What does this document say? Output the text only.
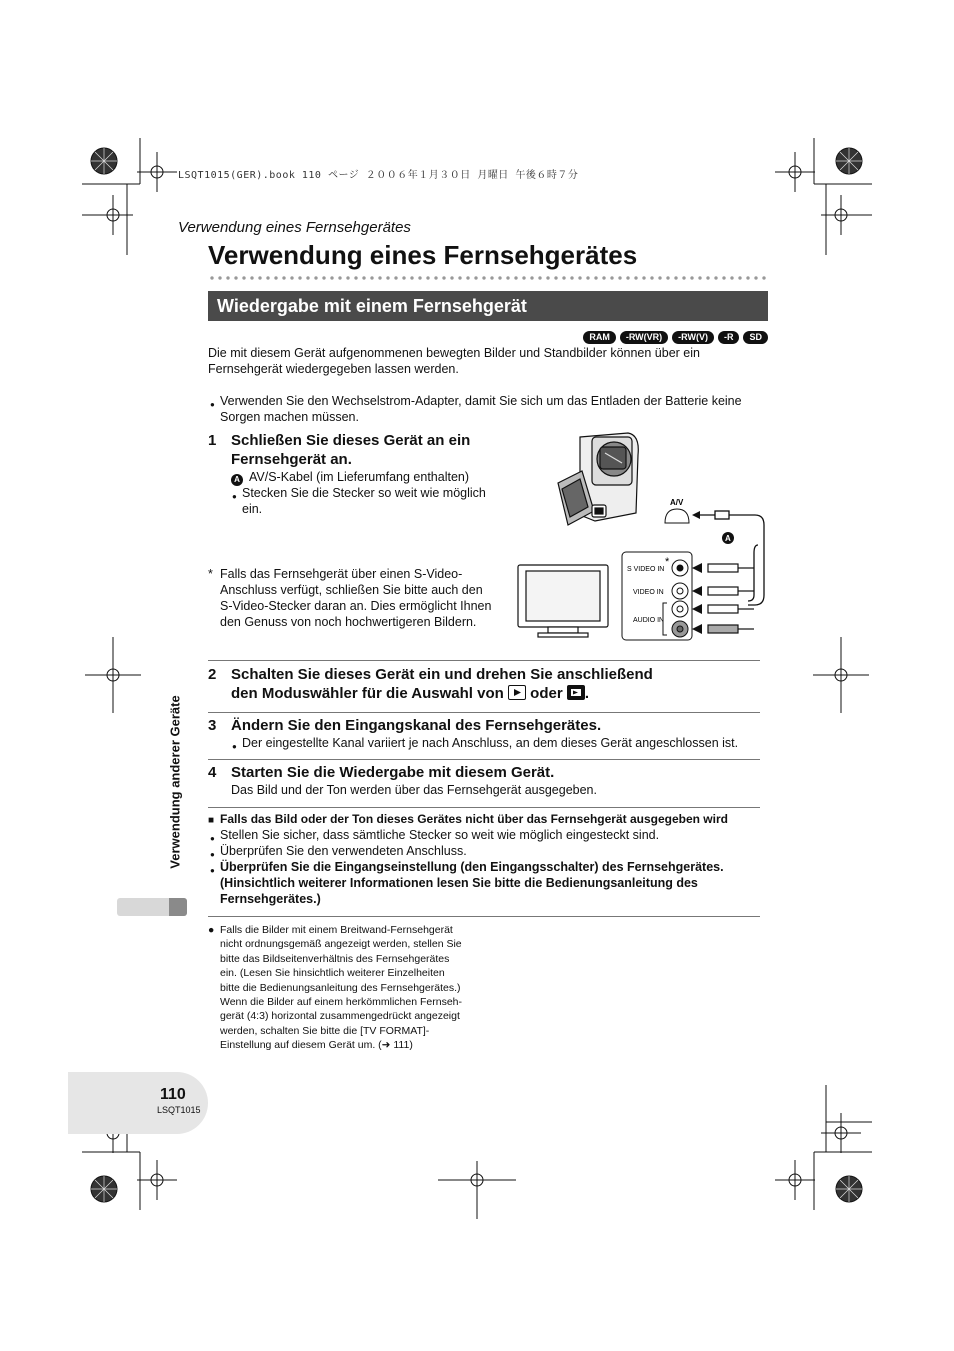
LSQT1015(GER).book 110 ページ ２００６年１月３０日 月曜日 午後６時７分
Verwendung eines Fernsehgerätes
Verwendung eines Fernsehgerätes
Wiedergabe mit einem Fernsehgerät
RAM	-RW(VR)	-RW(V)	-R	SD
Die mit diesem Gerät aufgenommenen bewegten Bilder und Standbilder können über ein Fernsehgerät wiedergegeben lassen werden.
● Verwenden Sie den Wechselstrom-Adapter, damit Sie sich um das Entladen der Batterie keine Sorgen machen müssen.
1 Schließen Sie dieses Gerät an ein Fernsehgerät an.
A AV/S-Kabel (im Lieferumfang enthalten)
● Stecken Sie die Stecker so weit wie möglich ein.	A/V
A
S VIDEO IN
*
VIDEO IN
AUDIO IN
* Falls das Fernsehgerät über einen S-Video-Anschluss verfügt, schließen Sie bitte auch den S-Video-Stecker daran an. Dies ermöglicht Ihnen den Genuss von noch hochwertigeren Bildern.
2 Schalten Sie dieses Gerät ein und drehen Sie anschließend
den Moduswähler für die Auswahl von oder .
3 Ändern Sie den Eingangskanal des Fernsehgerätes.
● Der eingestellte Kanal variiert je nach Anschluss, an dem dieses Gerät angeschlossen ist.
4 Starten Sie die Wiedergabe mit diesem Gerät.
Das Bild und der Ton werden über das Fernsehgerät ausgegeben.
■ Falls das Bild oder der Ton dieses Gerätes nicht über das Fernsehgerät ausgegeben wird
● Stellen Sie sicher, dass sämtliche Stecker so weit wie möglich eingesteckt sind.
● Überprüfen Sie den verwendeten Anschluss.
● Überprüfen Sie die Eingangseinstellung (den Eingangsschalter) des Fernsehgerätes. (Hinsichtlich weiterer Informationen lesen Sie bitte die Bedienungsanleitung des Fernsehgerätes.)
● Falls die Bilder mit einem Breitwand-Fernsehgerät
nicht ordnungsgemäß angezeigt werden, stellen Sie
bitte das Bildseitenverhältnis des Fernsehgerätes
ein. (Lesen Sie hinsichtlich weiterer Einzelheiten
bitte die Bedienungsanleitung des Fernsehgerätes.)
Wenn die Bilder auf einem herkömmlichen Fernseh-
gerät (4:3) horizontal zusammengedrückt angezeigt
werden, schalten Sie bitte die [TV FORMAT]-
Einstellung auf diesem Gerät um. (➜ 111)
Verwendung anderer Geräte
110
LSQT1015
